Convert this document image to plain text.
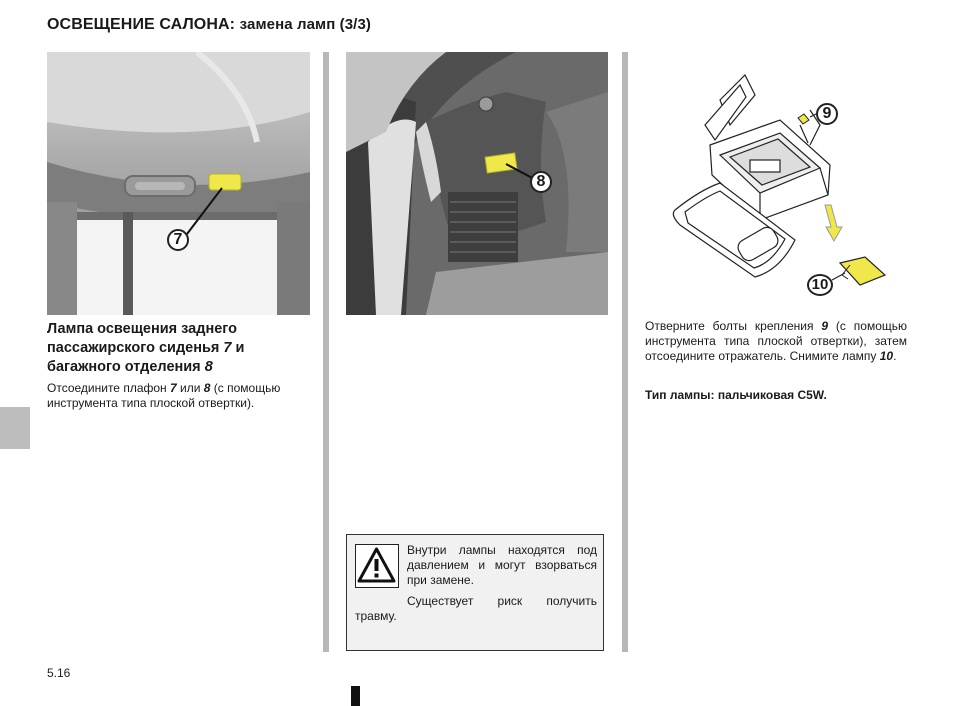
ОСВЕЩЕНИЕ САЛОНА: замена ламп (3/3)
7
8
9
10
Лампа освещения заднего пассажирского сиденья 7 и багажного отделения 8
Отсоедините плафон 7 или 8 (с помощью инструмента типа плоской отвертки).
Отверните болты крепления 9 (с помощью инструмента типа плоской отвертки), затем отсоедините отражатель. Снимите лампу 10.
Тип лампы: пальчиковая C5W.
Внутри лампы находятся под давлением и могут взорваться при замене.
Существует риск получить травму.
5.16
